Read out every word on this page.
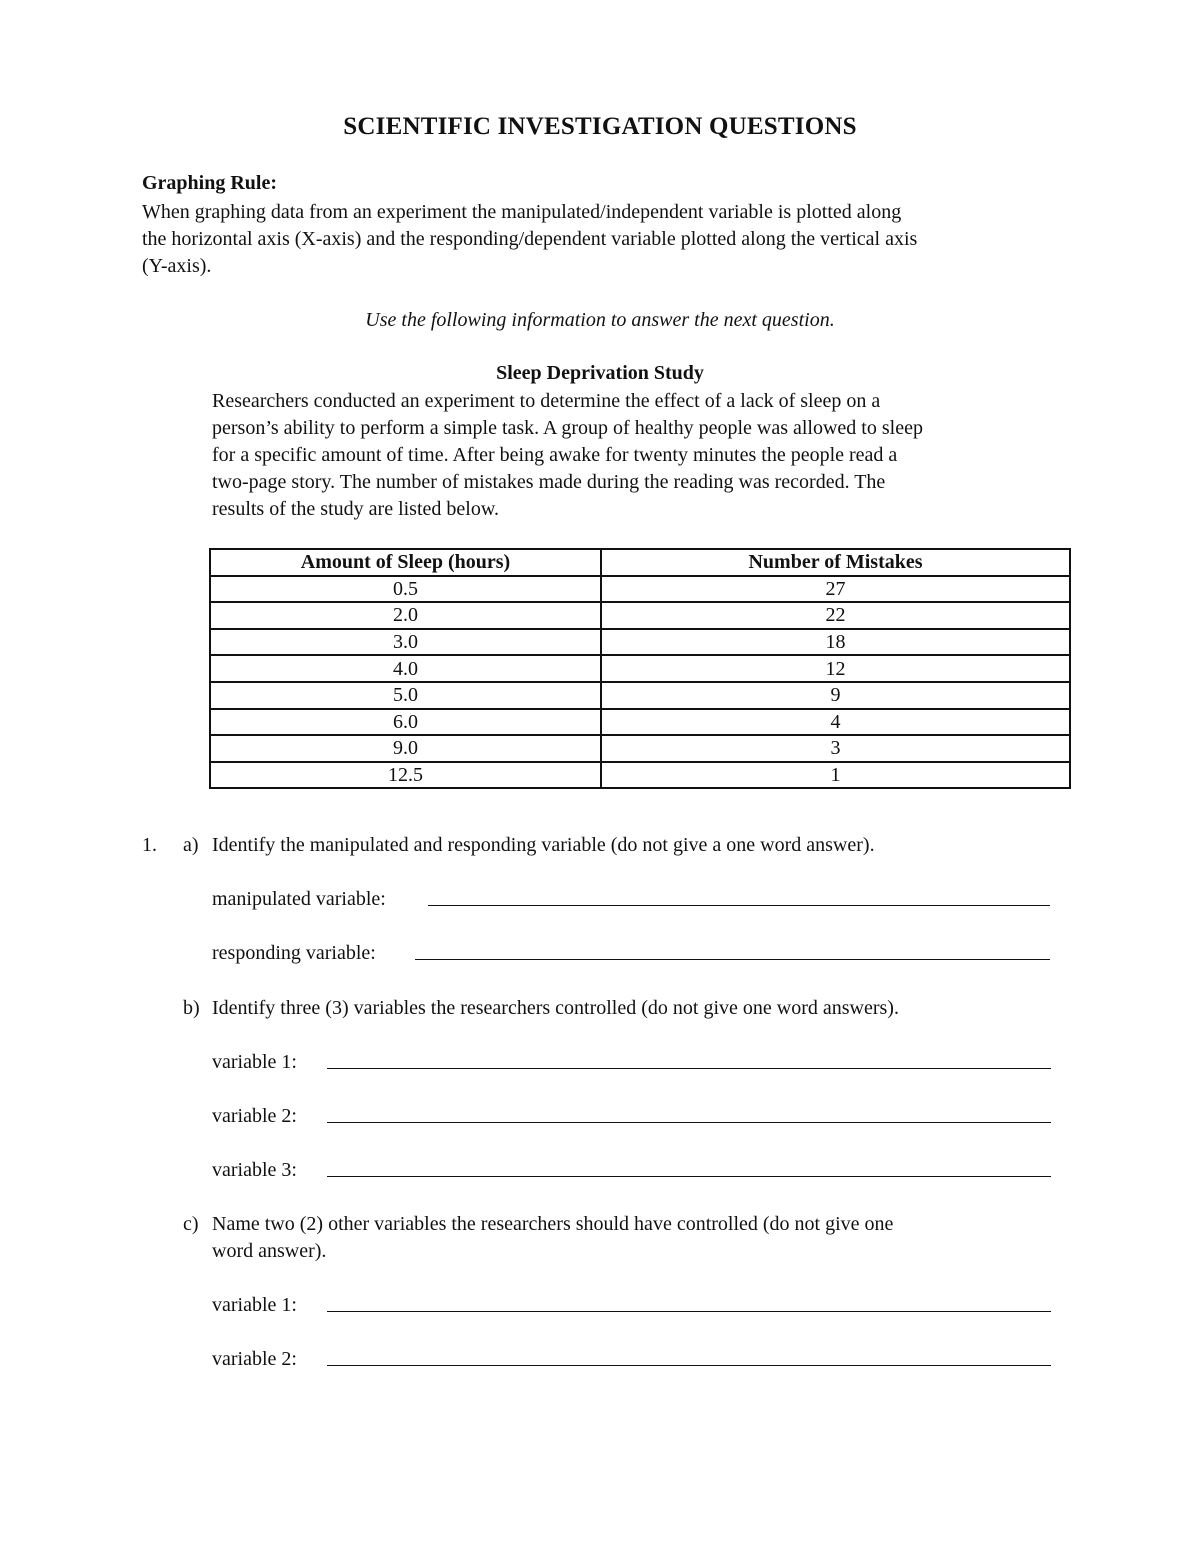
SCIENTIFIC INVESTIGATION QUESTIONS
Graphing Rule:
When graphing data from an experiment the manipulated/independent variable is plotted along
the horizontal axis (X-axis) and the responding/dependent variable plotted along the vertical axis
(Y-axis).
Use the following information to answer the next question.
Sleep Deprivation Study
Researchers conducted an experiment to determine the effect of a lack of sleep on a
person’s ability to perform a simple task. A group of healthy people was allowed to sleep
for a specific amount of time. After being awake for twenty minutes the people read a
two-page story. The number of mistakes made during the reading was recorded. The
results of the study are listed below.
Amount of Sleep (hours)	Number of Mistakes
0.5	27
2.0	22
3.0	18
4.0	12
5.0	9
6.0	4
9.0	3
12.5	1
1. a) Identify the manipulated and responding variable (do not give a one word answer).
manipulated variable:
responding variable:
b) Identify three (3) variables the researchers controlled (do not give one word answers).
variable 1:
variable 2:
variable 3:
c) Name two (2) other variables the researchers should have controlled (do not give one
word answer).
variable 1:
variable 2:
